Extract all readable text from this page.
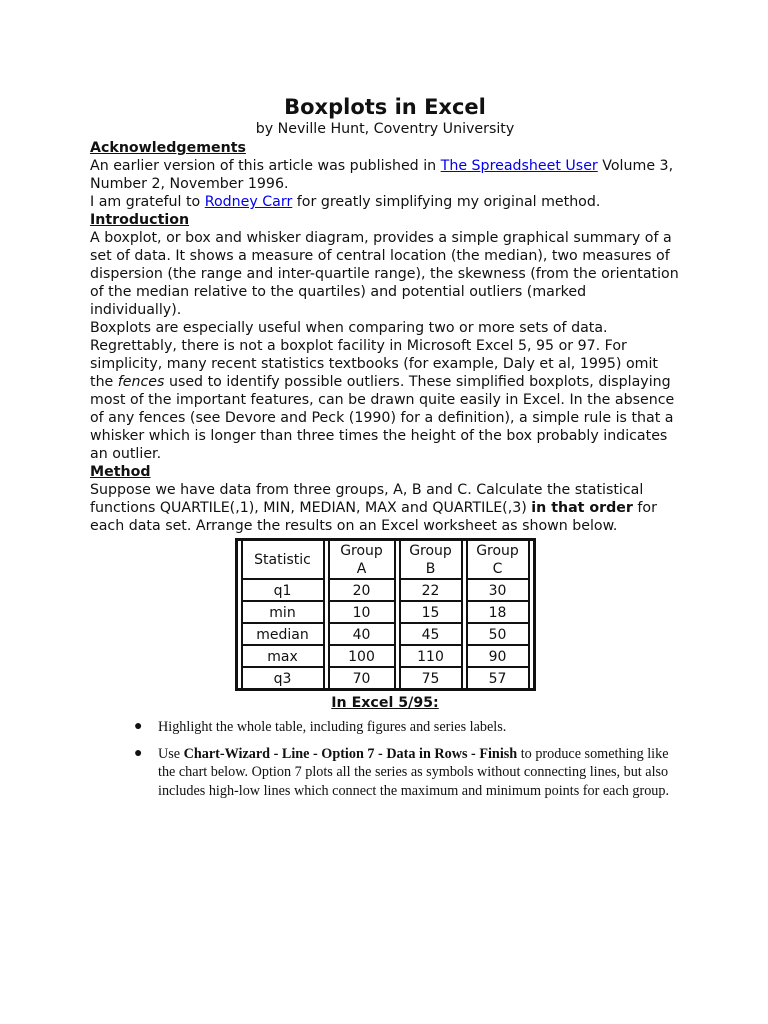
Boxplots in Excel

by Neville Hunt, Coventry University

Acknowledgements

An earlier version of this article was published in The Spreadsheet User Volume 3, Number 2, November 1996.

I am grateful to Rodney Carr for greatly simplifying my original method.

Introduction

A boxplot, or box and whisker diagram, provides a simple graphical summary of a set of data. It shows a measure of central location (the median), two measures of dispersion (the range and inter-quartile range), the skewness (from the orientation of the median relative to the quartiles) and potential outliers (marked individually).

Boxplots are especially useful when comparing two or more sets of data. Regrettably, there is not a boxplot facility in Microsoft Excel 5, 95 or 97. For simplicity, many recent statistics textbooks (for example, Daly et al, 1995) omit the fences used to identify possible outliers. These simplified boxplots, displaying most of the important features, can be drawn quite easily in Excel. In the absence of any fences (see Devore and Peck (1990) for a definition), a simple rule is that a whisker which is longer than three times the height of the box probably indicates an outlier.

Method

Suppose we have data from three groups, A, B and C. Calculate the statistical functions QUARTILE(,1), MIN, MEDIAN, MAX and QUARTILE(,3) in that order for each data set. Arrange the results on an Excel worksheet as shown below.

Statistic	Group A	Group B	Group C
q1	20	22	30
min	10	15	18
median	40	45	50
max	100	110	90
q3	70	75	57

In Excel 5/95:

● Highlight the whole table, including figures and series labels.
● Use Chart-Wizard - Line - Option 7 - Data in Rows - Finish to produce something like the chart below. Option 7 plots all the series as symbols without connecting lines, but also includes high-low lines which connect the maximum and minimum points for each group.
